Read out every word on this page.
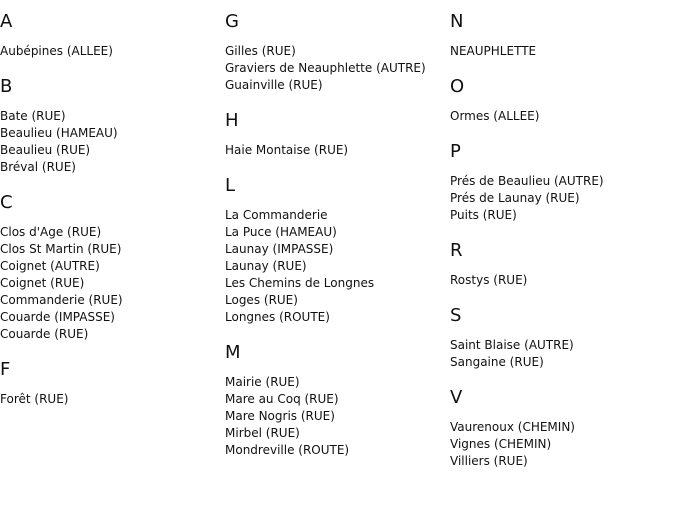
A
Aubépines (ALLEE)
B
Bate (RUE)
Beaulieu (HAMEAU)
Beaulieu (RUE)
Bréval (RUE)
C
Clos d'Age (RUE)
Clos St Martin (RUE)
Coignet (AUTRE)
Coignet (RUE)
Commanderie (RUE)
Couarde (IMPASSE)
Couarde (RUE)
F
Forêt (RUE)
G
Gilles (RUE)
Graviers de Neauphlette (AUTRE)
Guainville (RUE)
H
Haie Montaise (RUE)
L
La Commanderie
La Puce (HAMEAU)
Launay (IMPASSE)
Launay (RUE)
Les Chemins de Longnes
Loges (RUE)
Longnes (ROUTE)
M
Mairie (RUE)
Mare au Coq (RUE)
Mare Nogris (RUE)
Mirbel (RUE)
Mondreville (ROUTE)
N
NEAUPHLETTE
O
Ormes (ALLEE)
P
Prés de Beaulieu (AUTRE)
Prés de Launay (RUE)
Puits (RUE)
R
Rostys (RUE)
S
Saint Blaise (AUTRE)
Sangaine (RUE)
V
Vaurenoux (CHEMIN)
Vignes (CHEMIN)
Villiers (RUE)
